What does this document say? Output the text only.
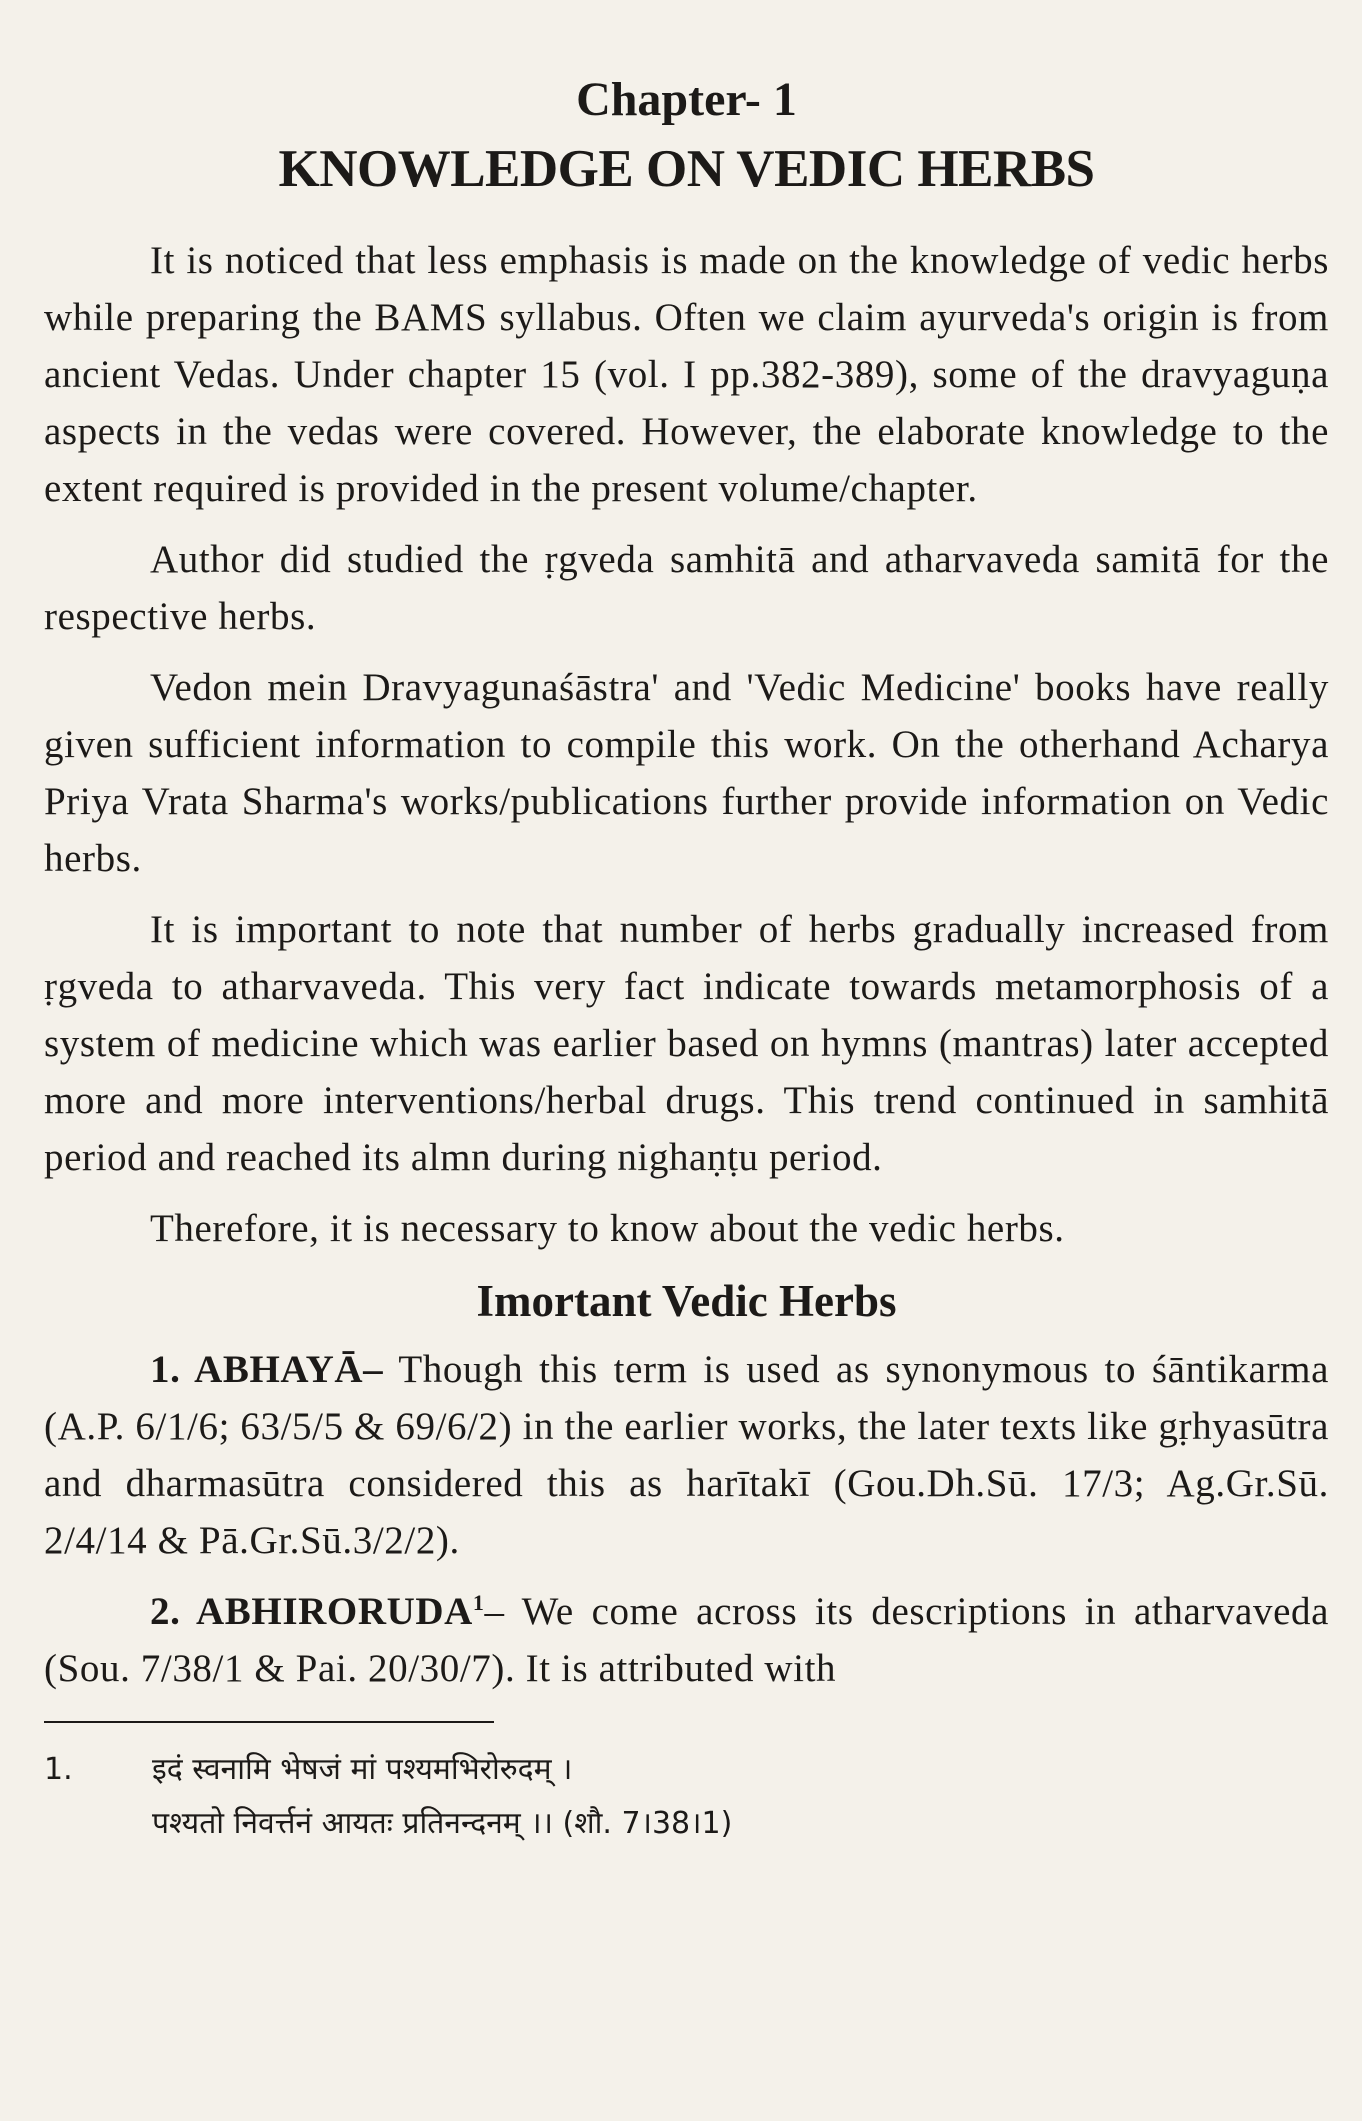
Chapter- 1
KNOWLEDGE ON VEDIC HERBS

It is noticed that less emphasis is made on the knowledge of vedic herbs while preparing the BAMS syllabus. Often we claim ayurveda's origin is from ancient Vedas. Under chapter 15 (vol. I pp.382-389), some of the dravyaguṇa aspects in the vedas were covered. However, the elaborate knowledge to the extent required is provided in the present volume/chapter.

Author did studied the ṛgveda samhitā and atharvaveda samitā for the respective herbs.

Vedon mein Dravyagunaśāstra' and 'Vedic Medicine' books have really given sufficient information to compile this work. On the otherhand Acharya Priya Vrata Sharma's works/publications further provide information on Vedic herbs.

It is important to note that number of herbs gradually increased from ṛgveda to atharvaveda. This very fact indicate towards metamorphosis of a system of medicine which was earlier based on hymns (mantras) later accepted more and more interventions/herbal drugs. This trend continued in samhitā period and reached its almn during nighaṇṭu period.

Therefore, it is necessary to know about the vedic herbs.

Imortant Vedic Herbs

1. ABHAYĀ– Though this term is used as synonymous to śāntikarma (A.P. 6/1/6; 63/5/5 & 69/6/2) in the earlier works, the later texts like gṛhyasūtra and dharmasūtra considered this as harītakī (Gou.Dh.Sū. 17/3; Ag.Gr.Sū. 2/4/14 & Pā.Gr.Sū.3/2/2).

2. ABHIRORUDA$^1$– We come across its descriptions in atharvaveda (Sou. 7/38/1 & Pai. 20/30/7). It is attributed with

1.	इदं स्वनामि भेषजं मां पश्यमभिरोरुदम् ।
पश्यतो निवर्त्तनं आयतः प्रतिनन्दनम् ।। (शौ. 7।38।1)
